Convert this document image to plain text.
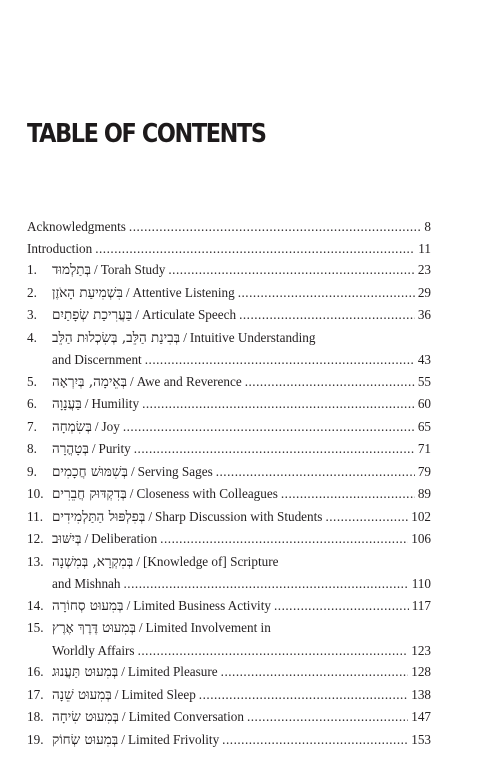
TABLE OF CONTENTS
Acknowledgments .....	8
Introduction .....	11
1.	בְּתַלְמוּד / Torah Study .....	23
2.	בִּשְׁמִיעַת הָאֹזֶן / Attentive Listening .....	29
3.	בַּעֲרִיכַת שְׂפָתַיִם / Articulate Speech .....	36
4.	בְּבִינַת הַלֵּב, בְּשִׂכְלוּת הַלֵּב / Intuitive Understanding
and Discernment .....	43
5.	בְּאֵימָה, בְּיִרְאָה / Awe and Reverence .....	55
6.	בַּעֲנָוָה / Humility .....	60
7.	בְּשִׂמְחָה / Joy .....	65
8.	בְּטָהֳרָה / Purity .....	71
9.	בְּשִׁמּוּשׁ חֲכָמִים / Serving Sages .....	79
10. בְּדִקְדּוּק חֲבֵרִים / Closeness with Colleagues .....	89
11. בְּפִלְפּוּל הַתַּלְמִידִים / Sharp Discussion with Students .....	102
12. בְּיִשּׁוּב / Deliberation .....	106
13. בְּמִקְרָא, בְּמִשְׁנָה / [Knowledge of] Scripture
and Mishnah .....	110
14. בְּמִעוּט סְחוֹרָה / Limited Business Activity .....	117
15. בְּמִעוּט דֶּרֶךְ אֶרֶץ / Limited Involvement in
Worldly Affairs .....	123
16. בְּמִעוּט תַּעֲנוּג / Limited Pleasure .....	128
17. בְּמִעוּט שֵׁנָה / Limited Sleep .....	138
18. בְּמִעוּט שִׂיחָה / Limited Conversation .....	147
19. בְּמִעוּט שְׂחוֹק / Limited Frivolity .....	153
